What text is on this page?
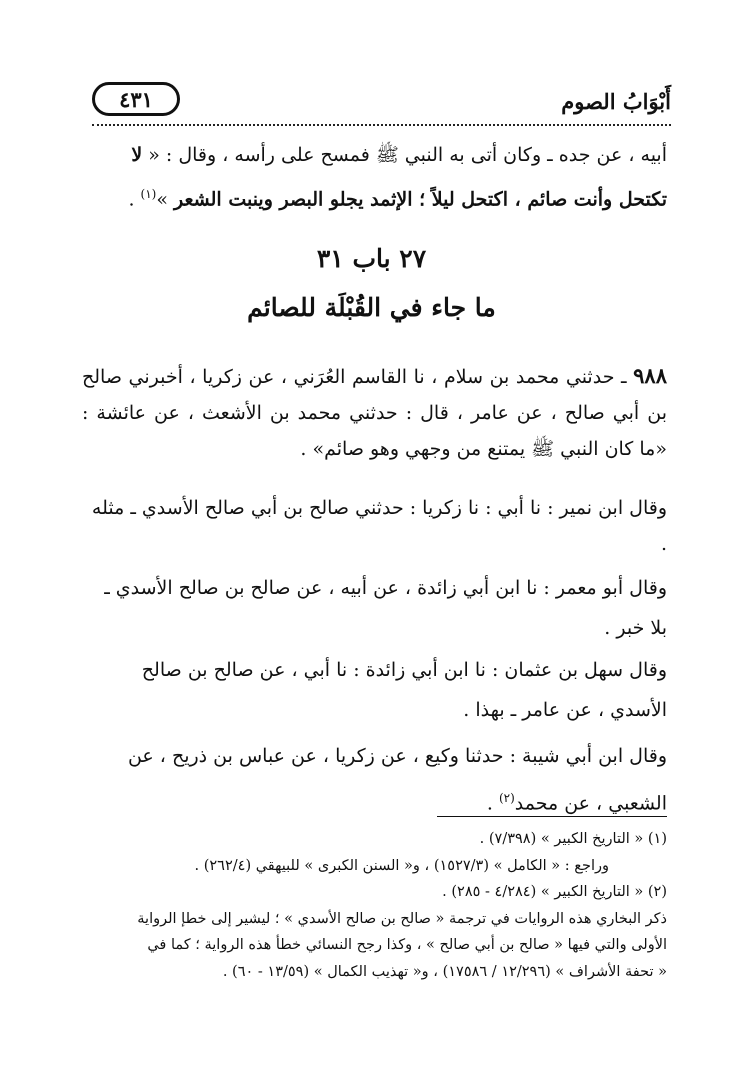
أَبْوَابُ الصوم
٤٣١
أبيه ، عن جده ـ وكان أتى به النبي ﷺ فمسح على رأسه ، وقال : « لا تكتحل وأنت صائم ، اكتحل ليلاً ؛ الإثمد يجلو البصر وينبت الشعر »$^{(١)}$ .
٢٧ باب ٣١
ما جاء في القُبْلَة للصائم
٩٨٨ ـ حدثني محمد بن سلام ، نا القاسم العُرَني ، عن زكريا ، أخبرني صالح بن أبي صالح ، عن عامر ، قال : حدثني محمد بن الأشعث ، عن عائشة : «ما كان النبي ﷺ يمتنع من وجهي وهو صائم» .
وقال ابن نمير : نا أبي : نا زكريا : حدثني صالح بن أبي صالح الأسدي ـ مثله .
وقال أبو معمر : نا ابن أبي زائدة ، عن أبيه ، عن صالح بن صالح الأسدي ـ بلا خبر .
وقال سهل بن عثمان : نا ابن أبي زائدة : نا أبي ، عن صالح بن صالح الأسدي ، عن عامر ـ بهذا .
وقال ابن أبي شيبة : حدثنا وكيع ، عن زكريا ، عن عباس بن ذريح ، عن الشعبي ، عن محمد$^{(٢)}$ .
(١) « التاريخ الكبير » (٧/٣٩٨) .
وراجع : « الكامل » (١٥٢٧/٣) ، و« السنن الكبرى » للبيهقي (٢٦٢/٤) .
(٢) « التاريخ الكبير » (٤/٢٨٤ - ٢٨٥) .
ذكر البخاري هذه الروايات في ترجمة « صالح بن صالح الأسدي » ؛ ليشير إلى خطإ الرواية
الأولى والتي فيها « صالح بن أبي صالح » ، وكذا رجح النسائي خطأ هذه الرواية ؛ كما في
« تحفة الأشراف » (١٢/٢٩٦ / ١٧٥٨٦) ، و« تهذيب الكمال » (١٣/٥٩ - ٦٠) .
